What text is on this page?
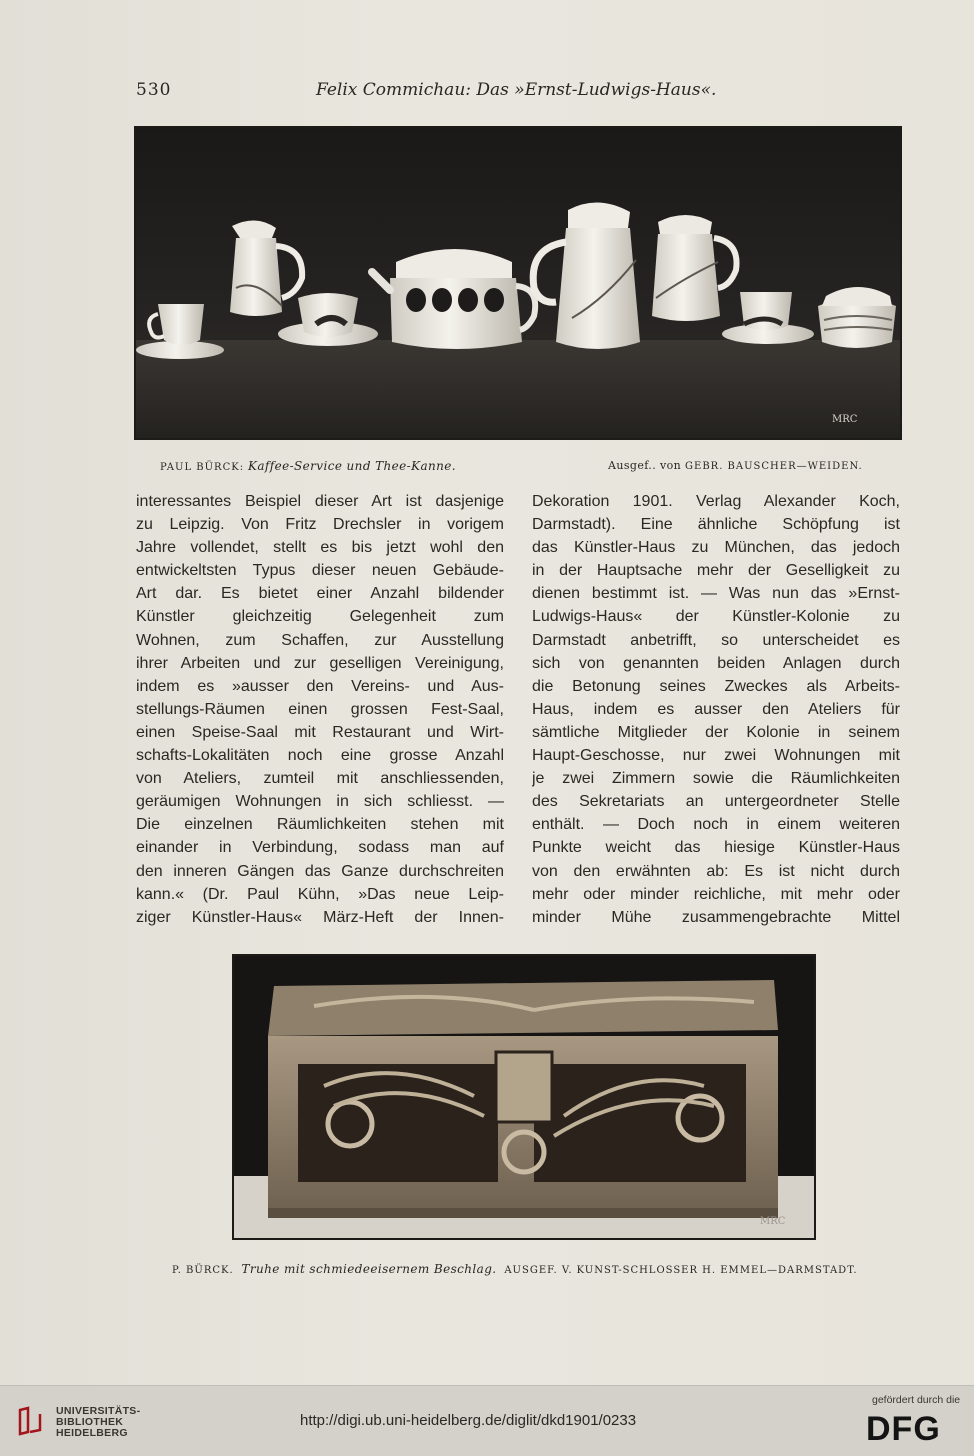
530	Felix Commichau: Das »Ernst-Ludwigs-Haus«.
MRC
PAUL BÜRCK: Kaffee-Service und Thee-Kanne.	Ausgef.. von GEBR. BAUSCHER—WEIDEN.
interessantes Beispiel dieser Art ist dasjenige
zu Leipzig. Von Fritz Drechsler in vorigem
Jahre vollendet, stellt es bis jetzt wohl den
entwickeltsten Typus dieser neuen Gebäude-
Art dar. Es bietet einer Anzahl bildender
Künstler gleichzeitig Gelegenheit zum
Wohnen, zum Schaffen, zur Ausstellung
ihrer Arbeiten und zur geselligen Vereinigung,
indem es »ausser den Vereins- und Aus-
stellungs-Räumen einen grossen Fest-Saal,
einen Speise-Saal mit Restaurant und Wirt-
schafts-Lokalitäten noch eine grosse Anzahl
von Ateliers, zumteil mit anschliessenden,
geräumigen Wohnungen in sich schliesst. —
Die einzelnen Räumlichkeiten stehen mit
einander in Verbindung, sodass man auf
den inneren Gängen das Ganze durchschreiten
kann.« (Dr. Paul Kühn, »Das neue Leip-
ziger Künstler-Haus« März-Heft der Innen-
Dekoration 1901. Verlag Alexander Koch,
Darmstadt). Eine ähnliche Schöpfung ist
das Künstler-Haus zu München, das jedoch
in der Hauptsache mehr der Geselligkeit zu
dienen bestimmt ist. — Was nun das »Ernst-
Ludwigs-Haus« der Künstler-Kolonie zu
Darmstadt anbetrifft, so unterscheidet es
sich von genannten beiden Anlagen durch
die Betonung seines Zweckes als Arbeits-
Haus, indem es ausser den Ateliers für
sämtliche Mitglieder der Kolonie in seinem
Haupt-Geschosse, nur zwei Wohnungen mit
je zwei Zimmern sowie die Räumlichkeiten
des Sekretariats an untergeordneter Stelle
enthält. — Doch noch in einem weiteren
Punkte weicht das hiesige Künstler-Haus
von den erwähnten ab: Es ist nicht durch
mehr oder minder reichliche, mit mehr oder
minder Mühe zusammengebrachte Mittel
MRC
P. BÜRCK. Truhe mit schmiedeeisernem Beschlag. AUSGEF. V. KUNST-SCHLOSSER H. EMMEL—DARMSTADT.
UNIVERSITÄTS-
BIBLIOTHEK
HEIDELBERG
http://digi.ub.uni-heidelberg.de/diglit/dkd1901/0233
gefördert durch die
DFG
